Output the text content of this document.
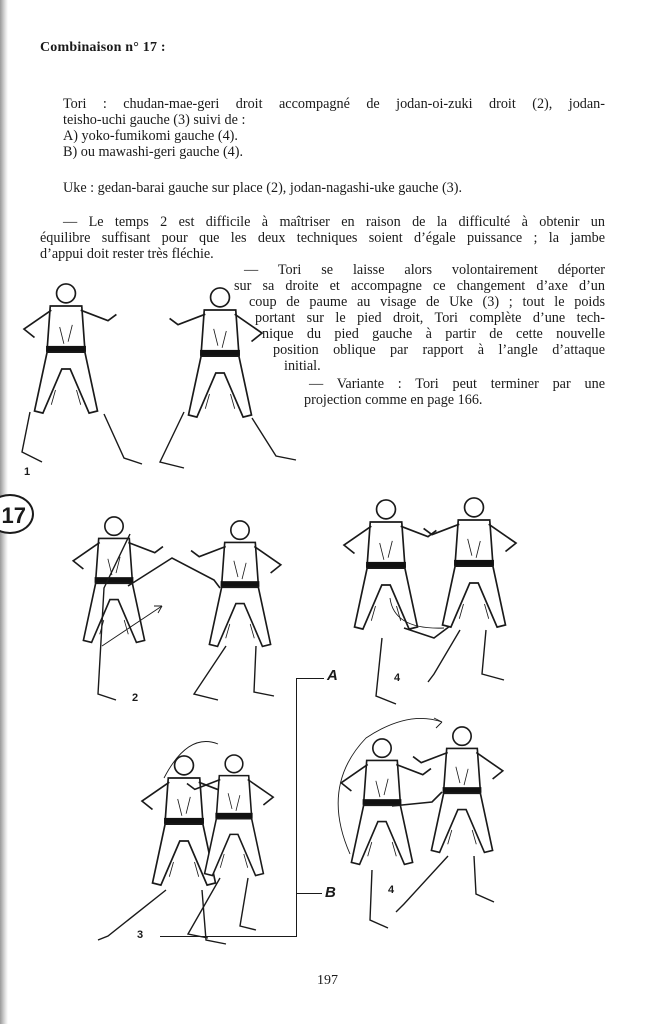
Combinaison n° 17 :
Tori : chudan-mae-geri droit accompagné de jodan-oi-zuki droit (2), jodan-
teisho-uchi gauche (3) suivi de :
A) yoko-fumikomi gauche (4).
B) ou mawashi-geri gauche (4).
Uke : gedan-barai gauche sur place (2), jodan-nagashi-uke gauche (3).
— Le temps 2 est difficile à maîtriser en raison de la difficulté à obtenir un
équilibre suffisant pour que les deux techniques soient d’égale puissance ; la jambe
d’appui doit rester très fléchie.
— Tori se laisse alors volontairement déporter
sur sa droite et accompagne ce changement d’axe d’un
coup de paume au visage de Uke (3) ; tout le poids
portant sur le pied droit, Tori complète d’une tech-
nique du pied gauche à partir de cette nouvelle
position oblique par rapport à l’angle d’attaque
initial.
— Variante : Tori peut terminer par une
projection comme en page 166.
1
17
2
4
A
B
3
4
197
